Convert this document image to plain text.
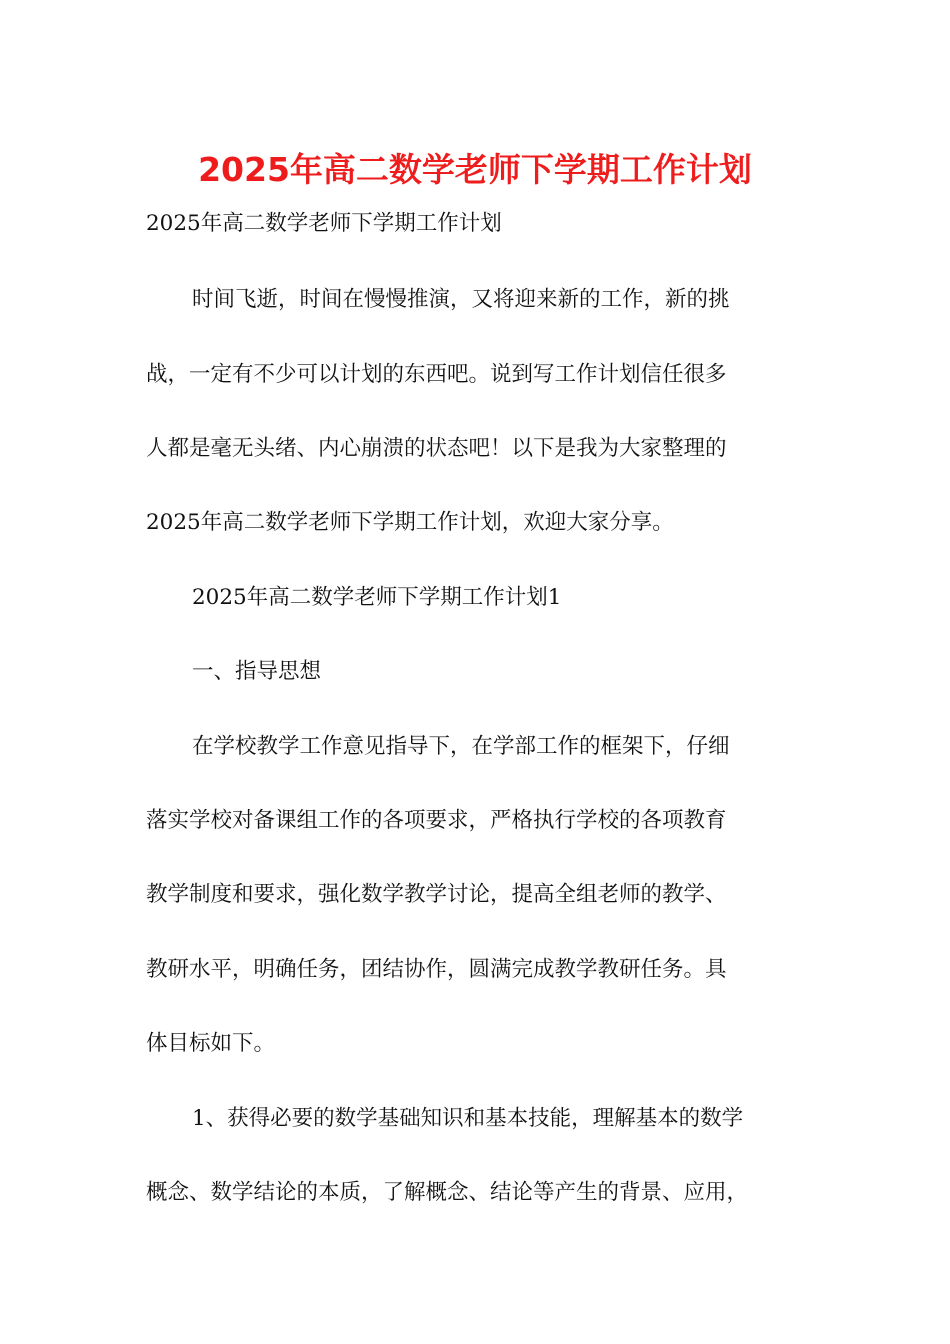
2025年高二数学老师下学期工作计划

2025年高二数学老师下学期工作计划

时间飞逝，时间在慢慢推演，又将迎来新的工作，新的挑

战，一定有不少可以计划的东西吧。说到写工作计划信任很多

人都是毫无头绪、内心崩溃的状态吧！以下是我为大家整理的

2025年高二数学老师下学期工作计划，欢迎大家分享。

2025年高二数学老师下学期工作计划1

一、指导思想

在学校教学工作意见指导下，在学部工作的框架下，仔细

落实学校对备课组工作的各项要求，严格执行学校的各项教育

教学制度和要求，强化数学教学讨论，提高全组老师的教学、

教研水平，明确任务，团结协作，圆满完成教学教研任务。具

体目标如下。

1、获得必要的数学基础知识和基本技能，理解基本的数学

概念、数学结论的本质，了解概念、结论等产生的背景、应用，
